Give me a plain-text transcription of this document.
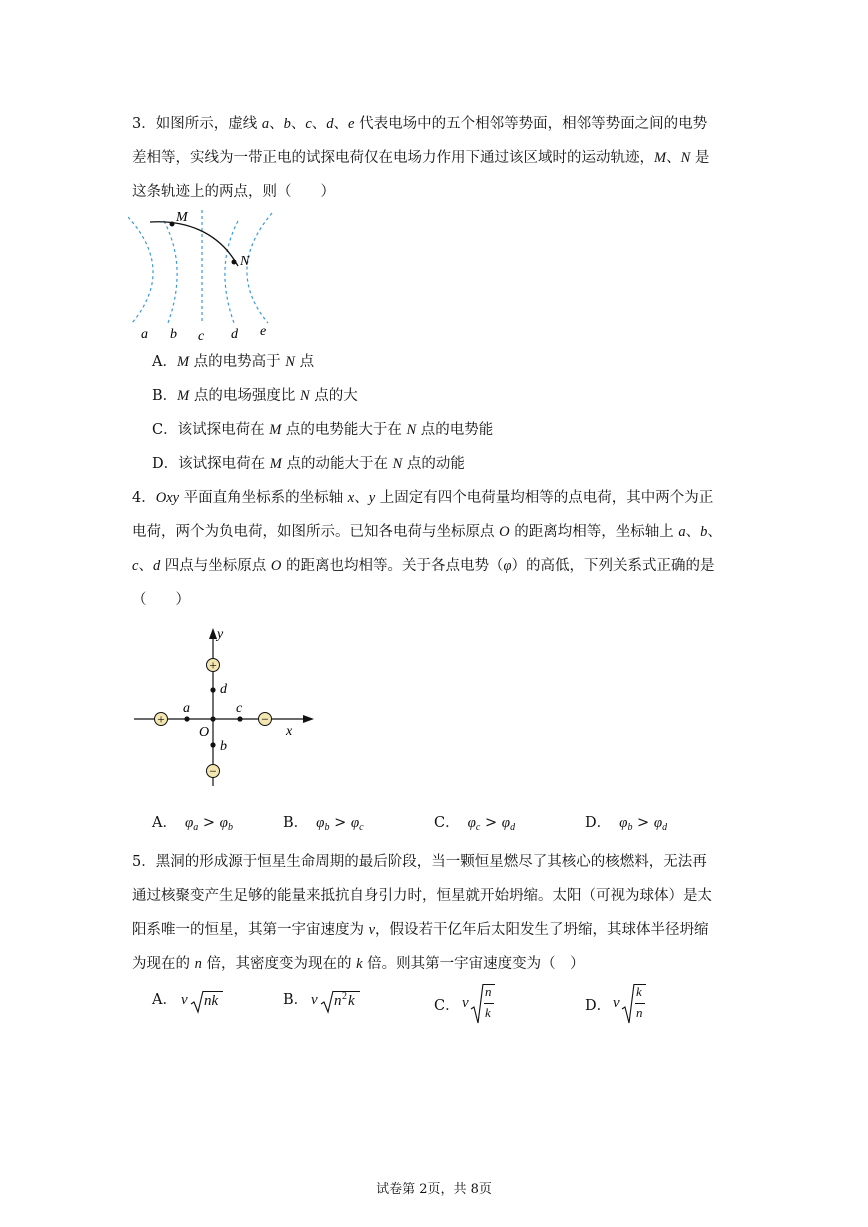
3．如图所示，虚线 a、b、c、d、e 代表电场中的五个相邻等势面，相邻等势面之间的电势
差相等，实线为一带正电的试探电荷仅在电场力作用下通过该区域时的运动轨迹，M、N 是
这条轨迹上的两点，则（　　）
M
N
a b c d e
A．M 点的电势高于 N 点
B．M 点的电场强度比 N 点的大
C．该试探电荷在 M 点的电势能大于在 N 点的电势能
D．该试探电荷在 M 点的动能大于在 N 点的动能
4．Oxy 平面直角坐标系的坐标轴 x、y 上固定有四个电荷量均相等的点电荷，其中两个为正
电荷，两个为负电荷，如图所示。已知各电荷与坐标原点 O 的距离均相等，坐标轴上 a、b、
c、d 四点与坐标原点 O 的距离也均相等。关于各点电势（φ）的高低，下列关系式正确的是
（　　）
y
x
O
a
b
c
d
+
+
−
−
A． $\varphi_a > \varphi_b$	B． $\varphi_b > \varphi_c$	C． $\varphi_c > \varphi_d$	D． $\varphi_b > \varphi_d$
5．黑洞的形成源于恒星生命周期的最后阶段，当一颗恒星燃尽了其核心的核燃料，无法再
通过核聚变产生足够的能量来抵抗自身引力时，恒星就开始坍缩。太阳（可视为球体）是太
阳系唯一的恒星，其第一宇宙速度为 v，假设若干亿年后太阳发生了坍缩，其球体半径坍缩
为现在的 n 倍，其密度变为现在的 k 倍。则其第一宇宙速度变为（　）
A． v nk	B． v n 2 k	C． v
n
k	D． v
k
n
试卷第 2页，共 8页
